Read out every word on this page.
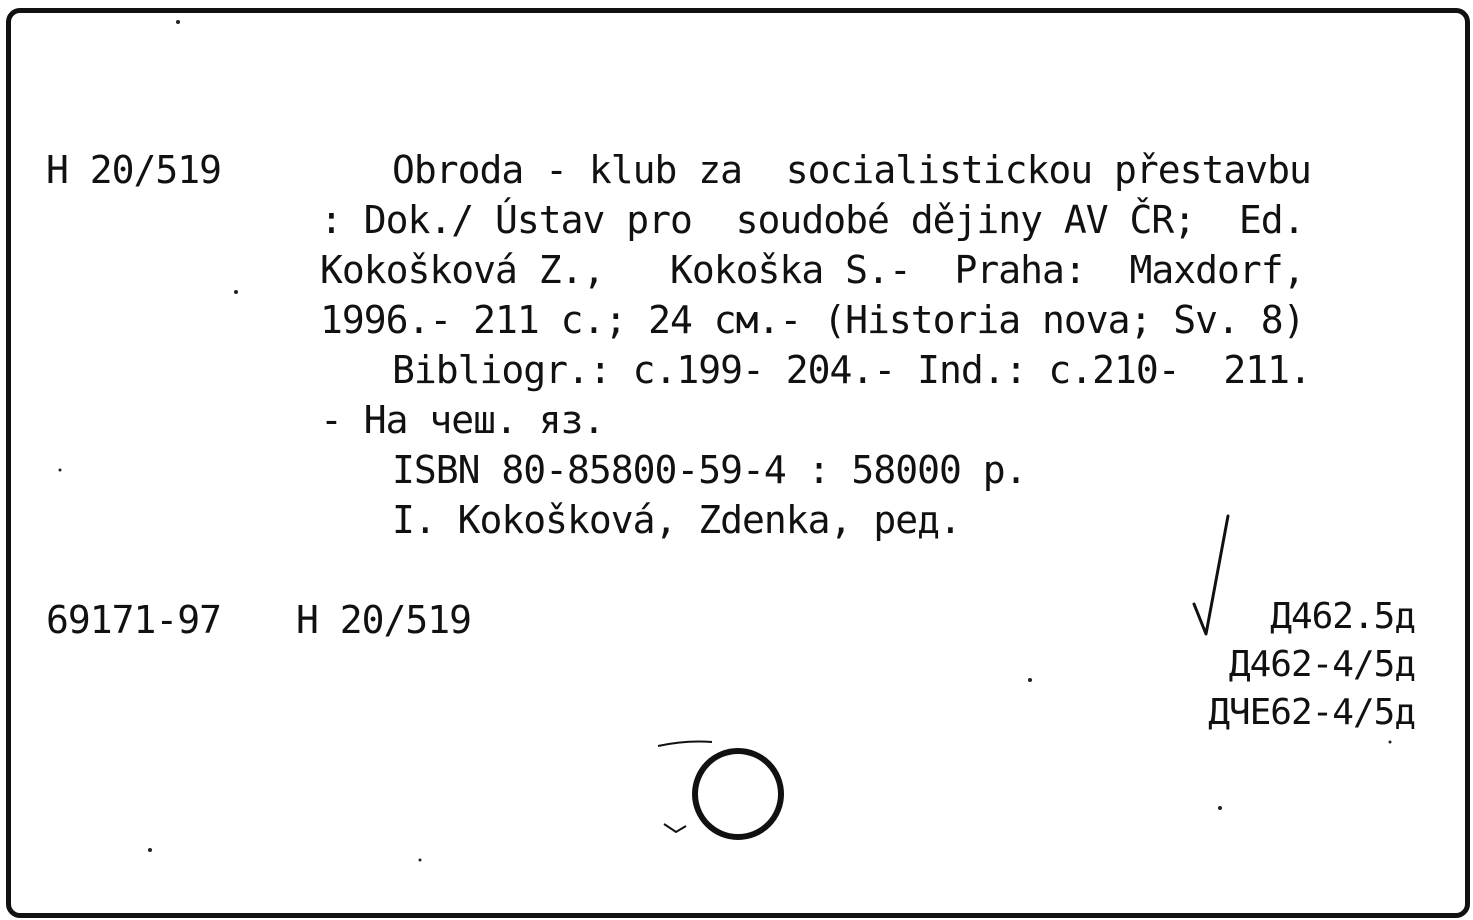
H 20/519	Obroda - klub za  socialistickou přestavbu
: Dok./ Ústav pro  soudobé dějiny AV ČR;  Ed.
Kokošková Z.,   Kokoška S.-  Praha:  Maxdorf,
1996.- 211 с.; 24 см.- (Historia nova; Sv. 8)
Bibliogr.: с.199- 204.- Ind.: с.210-  211.
- На чеш. яз.
ISBN 80-85800-59-4 : 58000 р.
I. Kokošková, Zdenka, ред.
69171-97 H 20/519	Д462.5д
Д462-4/5д
ДЧЕ62-4/5д
